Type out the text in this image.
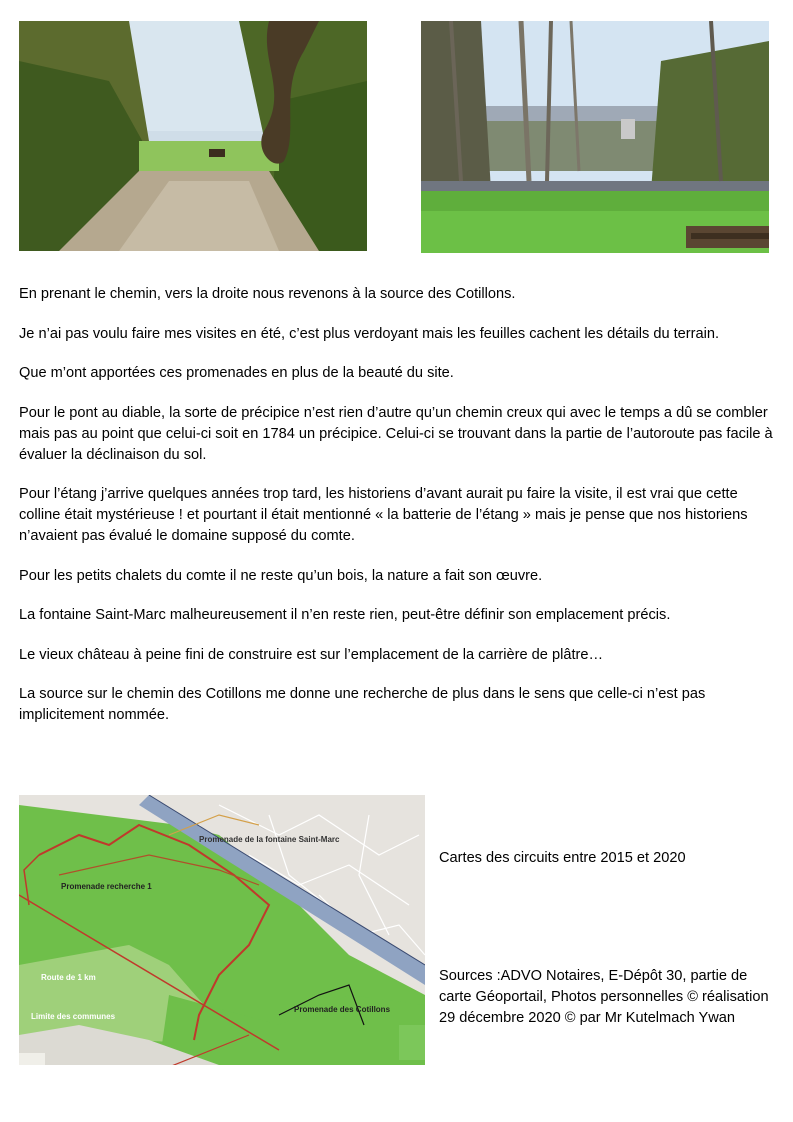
En prenant le chemin, vers la droite nous revenons à la source des Cotillons.

Je n’ai pas voulu faire mes visites en été, c’est plus verdoyant mais les feuilles cachent les détails du terrain.

Que m’ont apportées ces promenades en plus de la beauté du site.

Pour le pont au diable, la sorte de précipice n’est rien d’autre qu’un chemin creux qui avec le temps a dû se combler mais pas au point que celui-ci soit en 1784 un précipice. Celui-ci se trouvant dans la partie de l’autoroute pas facile à évaluer la déclinaison du sol.

Pour l’étang j’arrive quelques années trop tard, les historiens d’avant aurait pu faire la visite, il est vrai que cette colline était mystérieuse ! et pourtant il était mentionné « la batterie de l’étang » mais je pense que nos historiens n’avaient pas évalué le domaine supposé du comte.

Pour les petits chalets du comte il ne reste qu’un bois, la nature a fait son œuvre.

La fontaine Saint-Marc malheureusement il n’en reste rien, peut-être définir son emplacement précis.

Le vieux château à peine fini de construire est sur l’emplacement de la carrière de plâtre…

La source sur le chemin des Cotillons me donne une recherche de plus dans le sens que celle-ci n’est pas implicitement nommée.

Promenade de la fontaine Saint-Marc
Promenade recherche 1
Route de 1 km
Limite des communes
Promenade des Cotillons
Cartes des circuits entre 2015 et 2020
Sources :ADVO Notaires, E-Dépôt 30, partie de carte Géoportail, Photos personnelles © réalisation 29 décembre 2020 © par Mr Kutelmach Ywan
